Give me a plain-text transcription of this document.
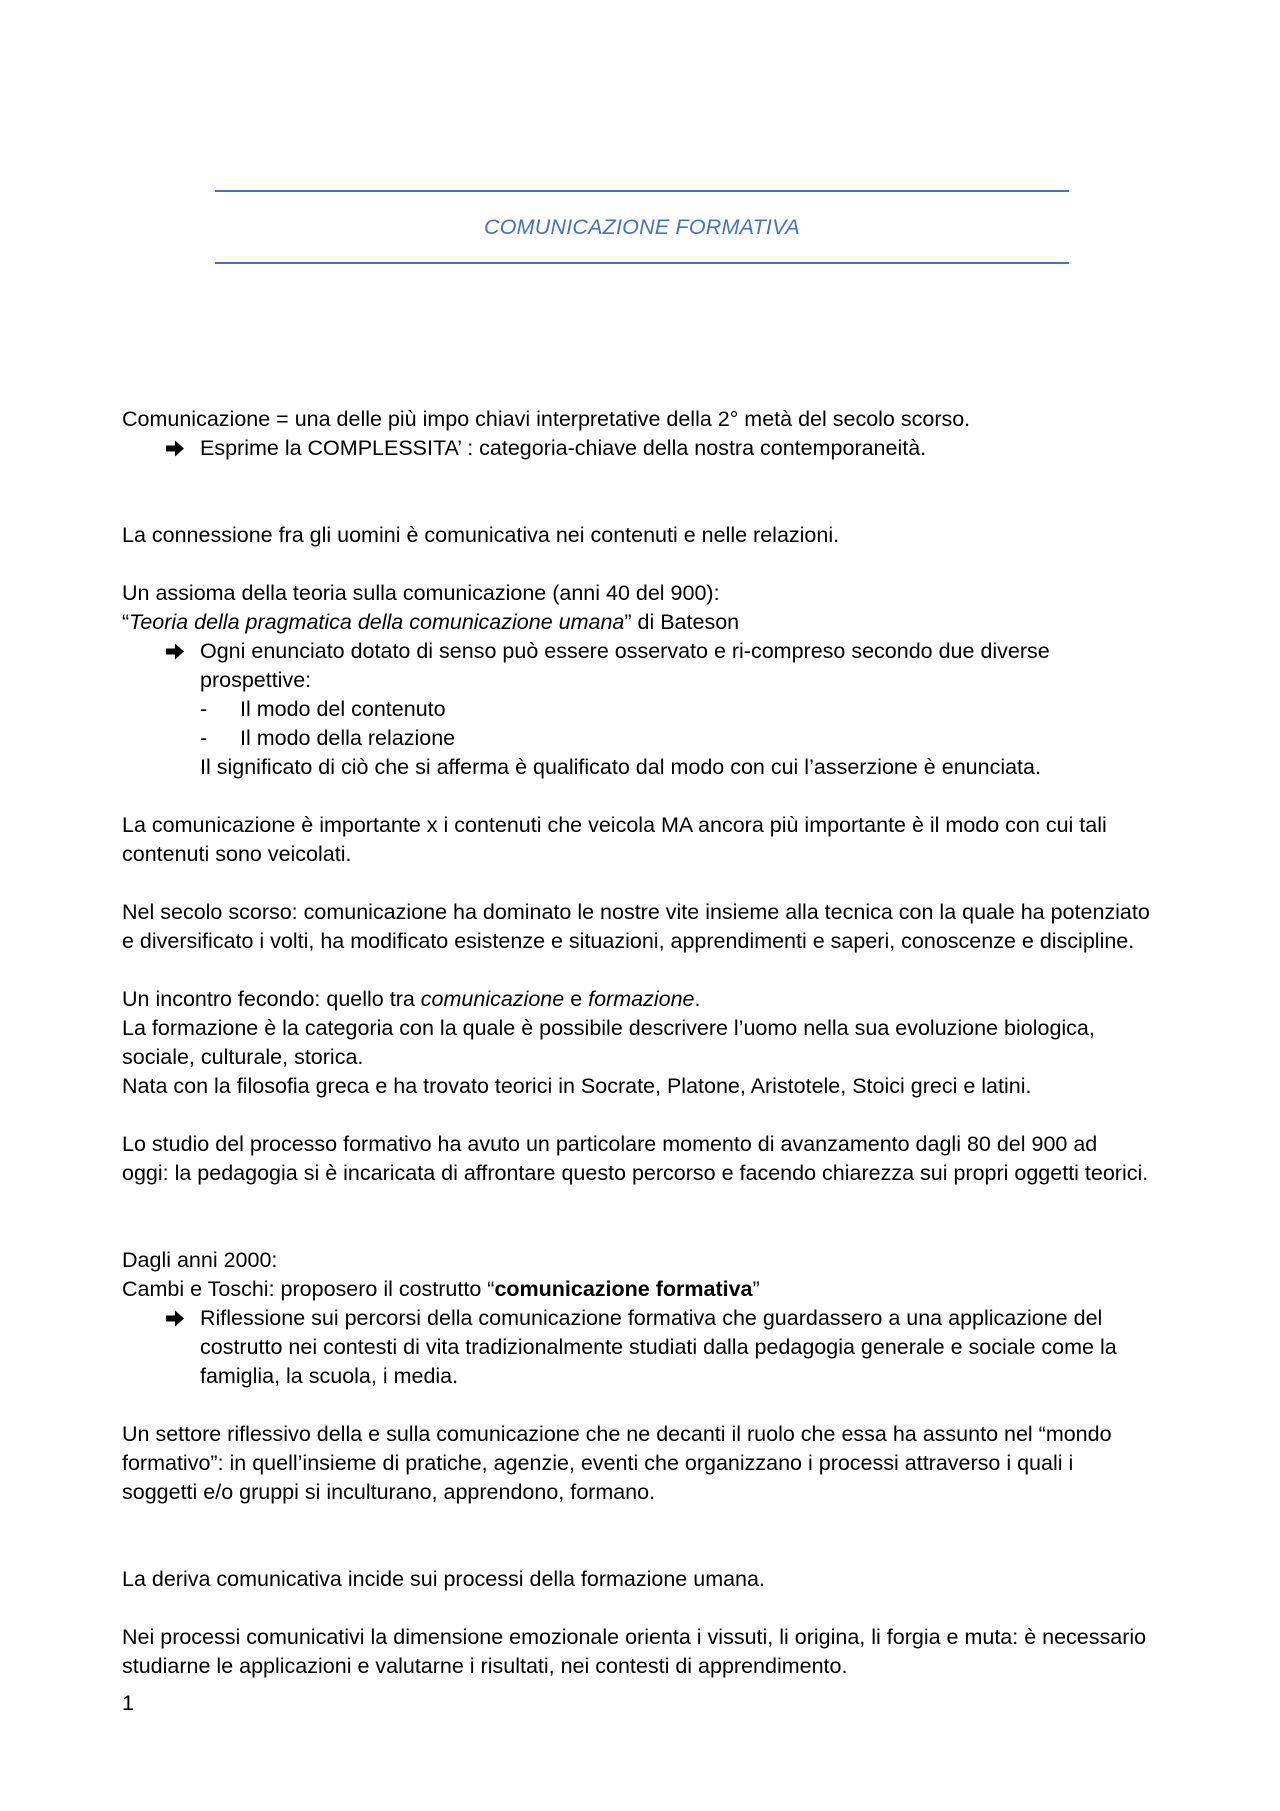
COMUNICAZIONE FORMATIVA

Comunicazione = una delle più impo chiavi interpretative della 2° metà del secolo scorso.

Esprime la COMPLESSITA’ : categoria-chiave della nostra contemporaneità.

La connessione fra gli uomini è comunicativa nei contenuti e nelle relazioni.

Un assioma della teoria sulla comunicazione (anni 40 del 900):

“Teoria della pragmatica della comunicazione umana” di Bateson

Ogni enunciato dotato di senso può essere osservato e ri-compreso secondo due diverse

prospettive:

- Il modo del contenuto

- Il modo della relazione

Il significato di ciò che si afferma è qualificato dal modo con cui l’asserzione è enunciata.

La comunicazione è importante x i contenuti che veicola MA ancora più importante è il modo con cui tali

contenuti sono veicolati.

Nel secolo scorso: comunicazione ha dominato le nostre vite insieme alla tecnica con la quale ha potenziato

e diversificato i volti, ha modificato esistenze e situazioni, apprendimenti e saperi, conoscenze e discipline.

Un incontro fecondo: quello tra comunicazione e formazione.

La formazione è la categoria con la quale è possibile descrivere l’uomo nella sua evoluzione biologica,

sociale, culturale, storica.

Nata con la filosofia greca e ha trovato teorici in Socrate, Platone, Aristotele, Stoici greci e latini.

Lo studio del processo formativo ha avuto un particolare momento di avanzamento dagli 80 del 900 ad

oggi: la pedagogia si è incaricata di affrontare questo percorso e facendo chiarezza sui propri oggetti teorici.

Dagli anni 2000:

Cambi e Toschi: proposero il costrutto “comunicazione formativa”

Riflessione sui percorsi della comunicazione formativa che guardassero a una applicazione del

costrutto nei contesti di vita tradizionalmente studiati dalla pedagogia generale e sociale come la

famiglia, la scuola, i media.

Un settore riflessivo della e sulla comunicazione che ne decanti il ruolo che essa ha assunto nel “mondo

formativo”: in quell’insieme di pratiche, agenzie, eventi che organizzano i processi attraverso i quali i

soggetti e/o gruppi si inculturano, apprendono, formano.

La deriva comunicativa incide sui processi della formazione umana.

Nei processi comunicativi la dimensione emozionale orienta i vissuti, li origina, li forgia e muta: è necessario

studiarne le applicazioni e valutarne i risultati, nei contesti di apprendimento.

1
